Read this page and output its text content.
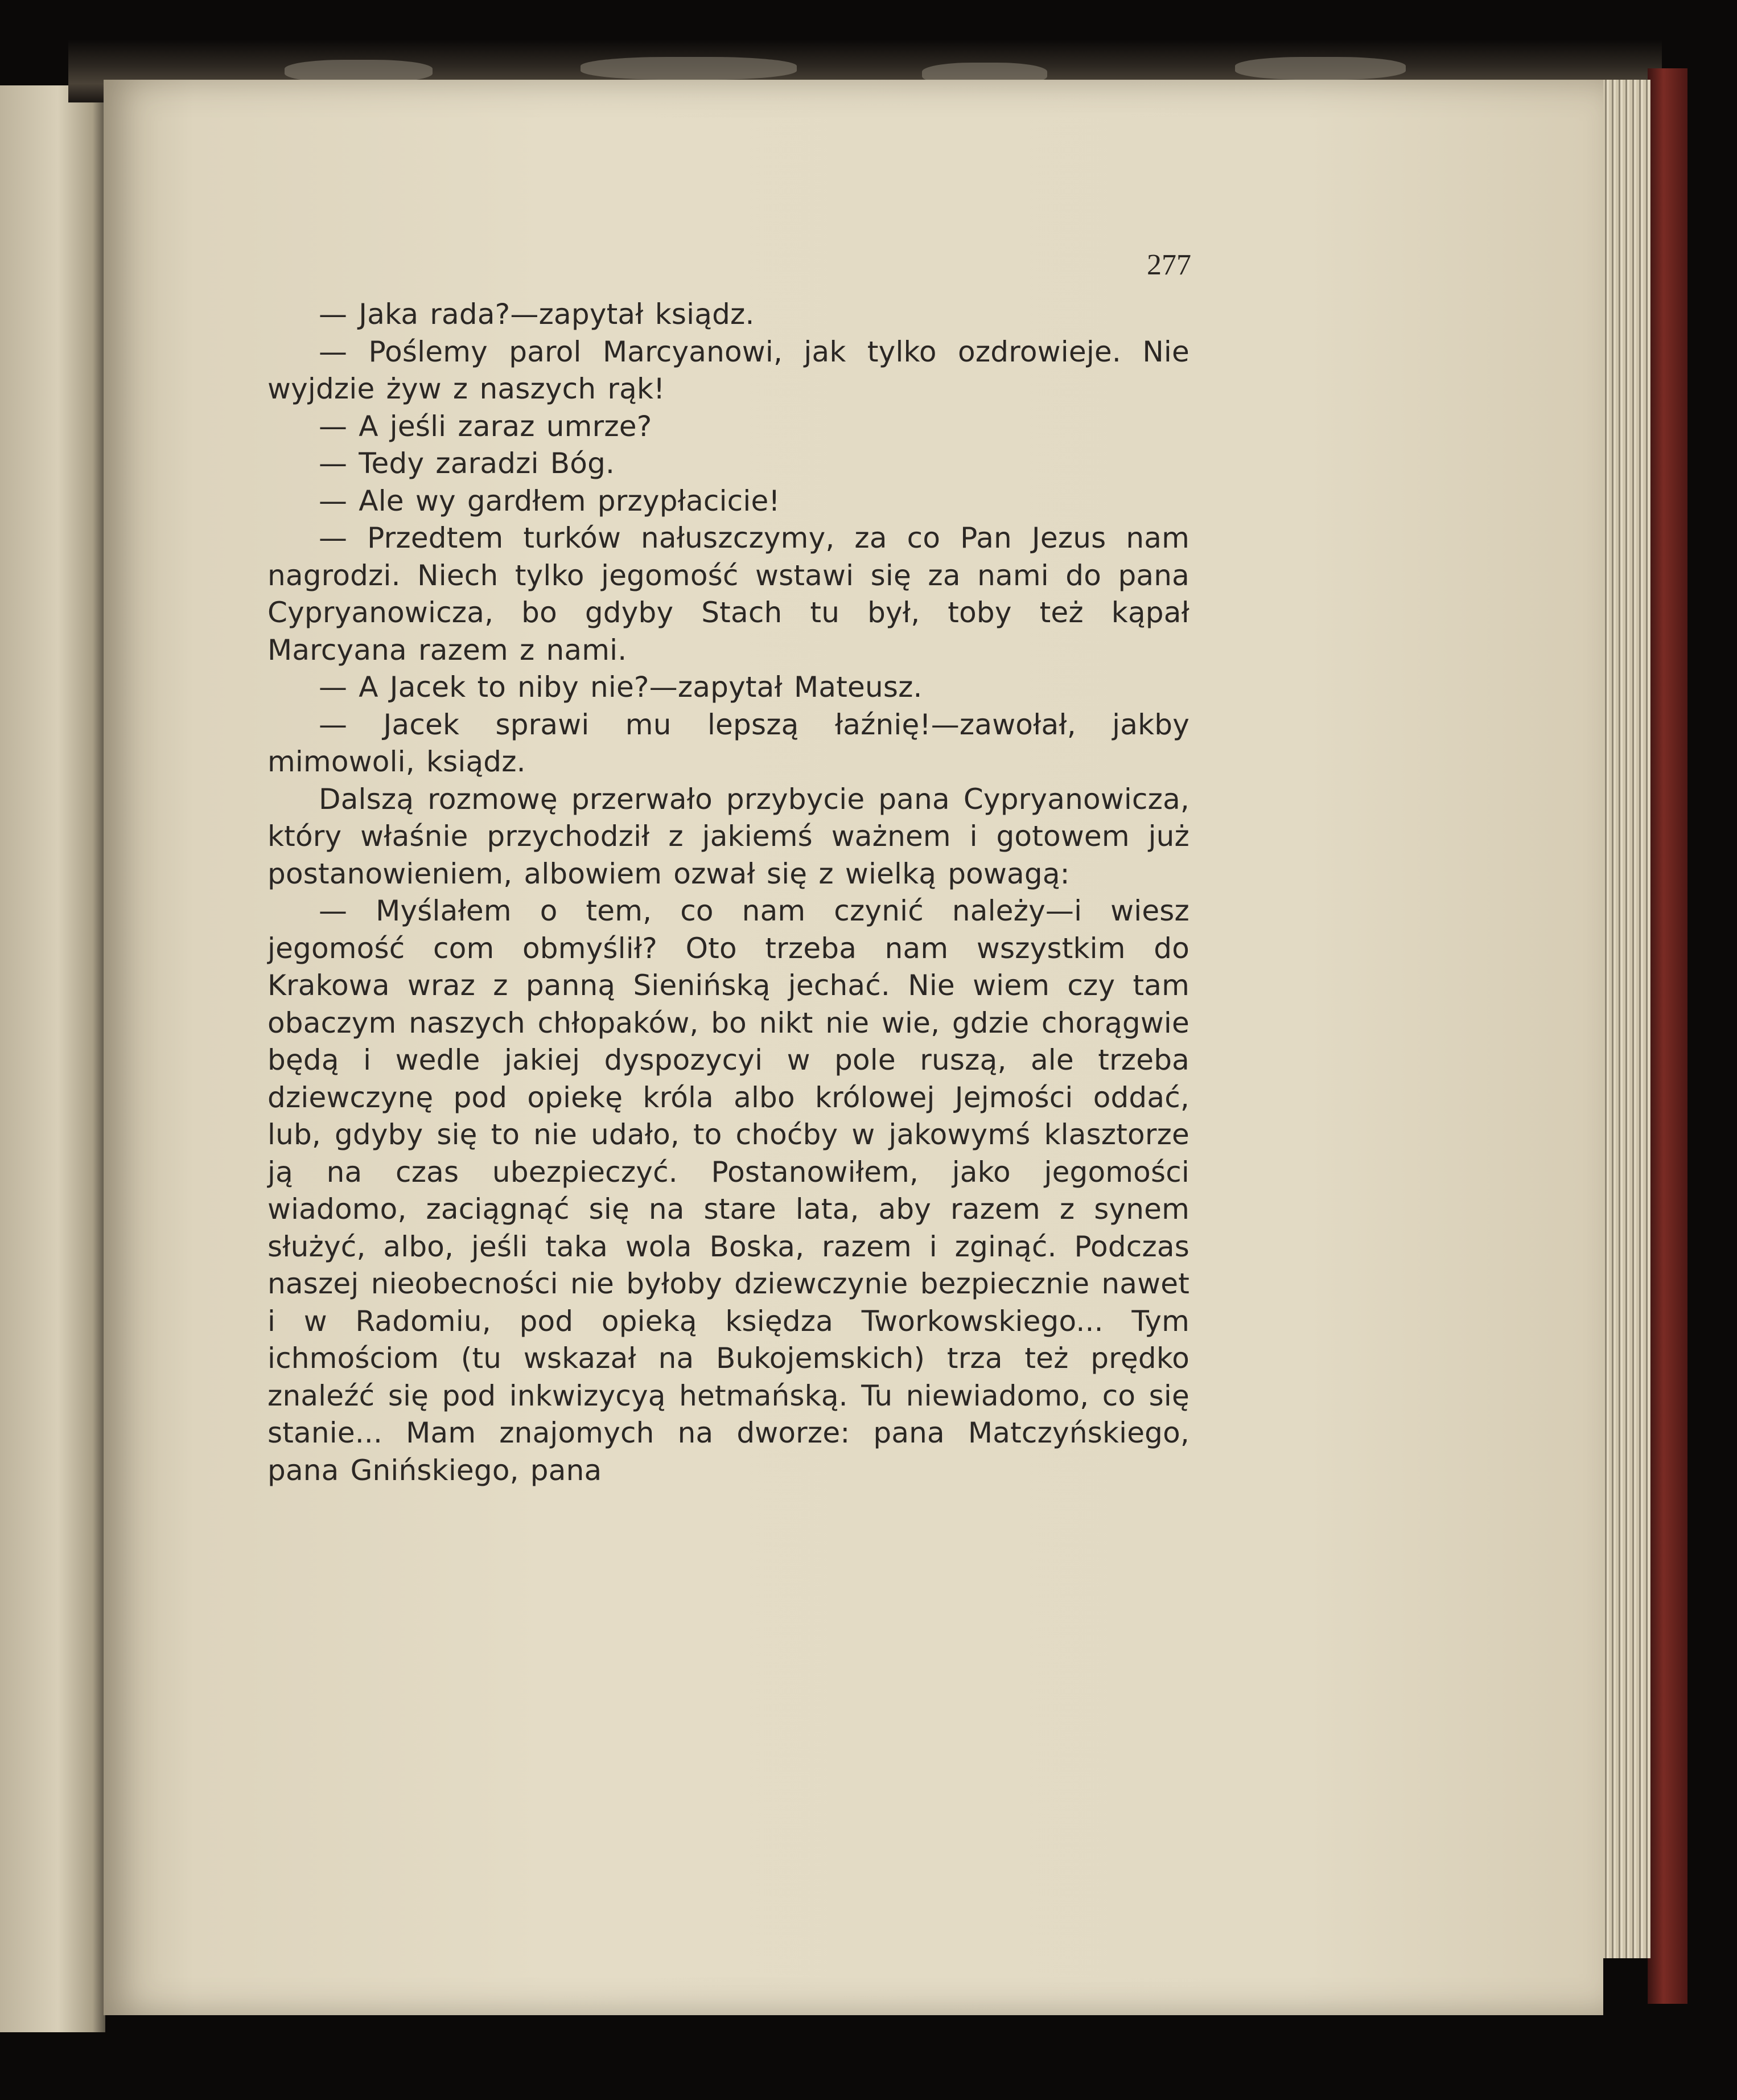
277

— Jaka rada?—zapytał ksiądz.

— Poślemy parol Marcyanowi, jak tylko ozdrowieje. Nie wyjdzie żyw z naszych rąk!

— A jeśli zaraz umrze?

— Tedy zaradzi Bóg.

— Ale wy gardłem przypłacicie!

— Przedtem turków nałuszczymy, za co Pan Jezus nam nagrodzi. Niech tylko jegomość wstawi się za nami do pana Cypryanowicza, bo gdyby Stach tu był, toby też kąpał Marcyana razem z nami.

— A Jacek to niby nie?—zapytał Mateusz.

— Jacek sprawi mu lepszą łaźnię!—zawołał, jakby mimowoli, ksiądz.

Dalszą rozmowę przerwało przybycie pana Cypryanowicza, który właśnie przychodził z jakiemś ważnem i gotowem już postanowieniem, albowiem ozwał się z wielką powagą:

— Myślałem o tem, co nam czynić należy—i wiesz jegomość com obmyślił? Oto trzeba nam wszystkim do Krakowa wraz z panną Sienińską jechać. Nie wiem czy tam obaczym naszych chłopaków, bo nikt nie wie, gdzie chorągwie będą i wedle jakiej dyspozycyi w pole ruszą, ale trzeba dziewczynę pod opiekę króla albo królowej Jejmości oddać, lub, gdyby się to nie udało, to choćby w jakowymś klasztorze ją na czas ubezpieczyć. Postanowiłem, jako jegomości wiadomo, zaciągnąć się na stare lata, aby razem z synem służyć, albo, jeśli taka wola Boska, razem i zginąć. Podczas naszej nieobecności nie byłoby dziewczynie bezpiecznie nawet i w Radomiu, pod opieką księdza Tworkowskiego... Tym ichmościom (tu wskazał na Bukojemskich) trza też prędko znaleźć się pod inkwizycyą hetmańską. Tu niewiadomo, co się stanie... Mam znajomych na dworze: pana Matczyńskiego, pana Gnińskiego, pana
